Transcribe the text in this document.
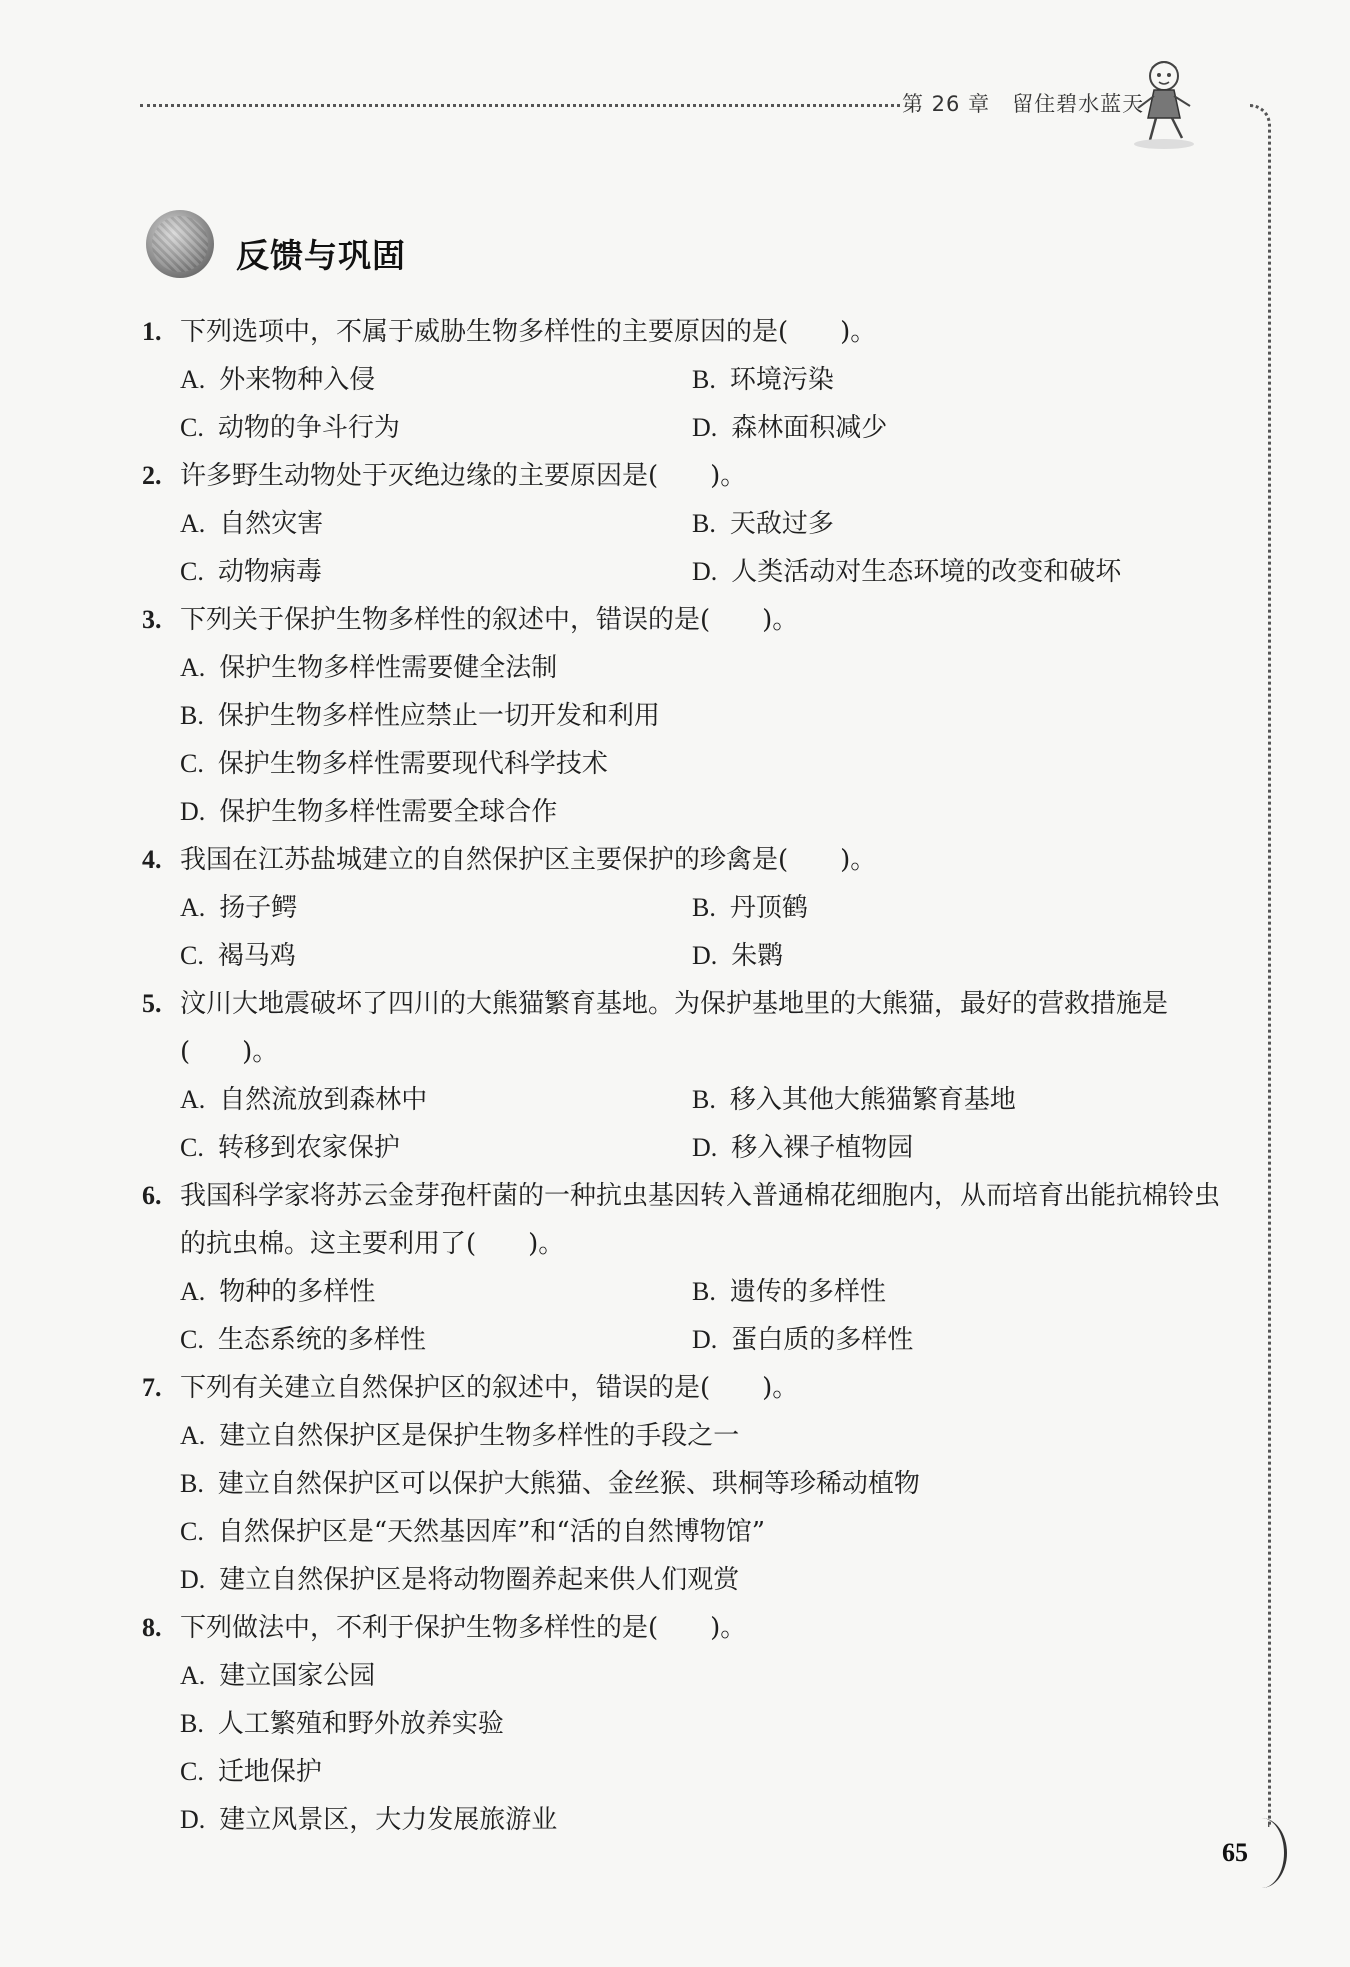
第 26 章 留住碧水蓝天
反馈与巩固
1. 下列选项中，不属于威胁生物多样性的主要原因的是(　　)。
A. 外来物种入侵	B. 环境污染
C. 动物的争斗行为	D. 森林面积减少
2. 许多野生动物处于灭绝边缘的主要原因是(　　)。
A. 自然灾害	B. 天敌过多
C. 动物病毒	D. 人类活动对生态环境的改变和破坏
3. 下列关于保护生物多样性的叙述中，错误的是(　　)。
A. 保护生物多样性需要健全法制
B. 保护生物多样性应禁止一切开发和利用
C. 保护生物多样性需要现代科学技术
D. 保护生物多样性需要全球合作
4. 我国在江苏盐城建立的自然保护区主要保护的珍禽是(　　)。
A. 扬子鳄	B. 丹顶鹤
C. 褐马鸡	D. 朱鹮
5. 汶川大地震破坏了四川的大熊猫繁育基地。为保护基地里的大熊猫，最好的营救措施是(　　)。
A. 自然流放到森林中	B. 移入其他大熊猫繁育基地
C. 转移到农家保护	D. 移入裸子植物园
6. 我国科学家将苏云金芽孢杆菌的一种抗虫基因转入普通棉花细胞内，从而培育出能抗棉铃虫的抗虫棉。这主要利用了(　　)。
A. 物种的多样性	B. 遗传的多样性
C. 生态系统的多样性	D. 蛋白质的多样性
7. 下列有关建立自然保护区的叙述中，错误的是(　　)。
A. 建立自然保护区是保护生物多样性的手段之一
B. 建立自然保护区可以保护大熊猫、金丝猴、珙桐等珍稀动植物
C. 自然保护区是“天然基因库”和“活的自然博物馆”
D. 建立自然保护区是将动物圈养起来供人们观赏
8. 下列做法中，不利于保护生物多样性的是(　　)。
A. 建立国家公园
B. 人工繁殖和野外放养实验
C. 迁地保护
D. 建立风景区，大力发展旅游业
65
